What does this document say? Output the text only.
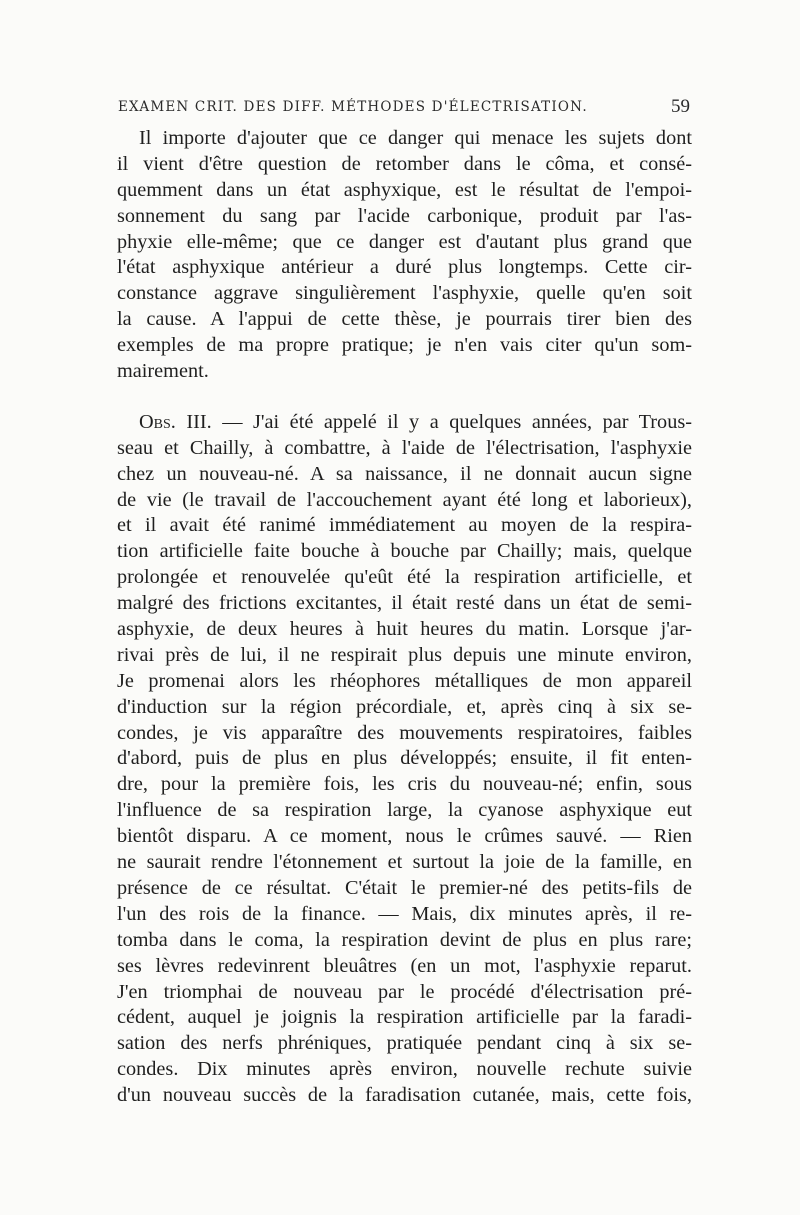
EXAMEN CRIT. DES DIFF. MÉTHODES D'ÉLECTRISATION.	59
Il importe d'ajouter que ce danger qui menace les sujets dont
il vient d'être question de retomber dans le côma, et consé-
quemment dans un état asphyxique, est le résultat de l'empoi-
sonnement du sang par l'acide carbonique, produit par l'as-
phyxie elle-même; que ce danger est d'autant plus grand que
l'état asphyxique antérieur a duré plus longtemps. Cette cir-
constance aggrave singulièrement l'asphyxie, quelle qu'en soit
la cause. A l'appui de cette thèse, je pourrais tirer bien des
exemples de ma propre pratique; je n'en vais citer qu'un som-
mairement.
Obs. III. — J'ai été appelé il y a quelques années, par Trous-
seau et Chailly, à combattre, à l'aide de l'électrisation, l'asphyxie
chez un nouveau-né. A sa naissance, il ne donnait aucun signe
de vie (le travail de l'accouchement ayant été long et laborieux),
et il avait été ranimé immédiatement au moyen de la respira-
tion artificielle faite bouche à bouche par Chailly; mais, quelque
prolongée et renouvelée qu'eût été la respiration artificielle, et
malgré des frictions excitantes, il était resté dans un état de semi-
asphyxie, de deux heures à huit heures du matin. Lorsque j'ar-
rivai près de lui, il ne respirait plus depuis une minute environ,
Je promenai alors les rhéophores métalliques de mon appareil
d'induction sur la région précordiale, et, après cinq à six se-
condes, je vis apparaître des mouvements respiratoires, faibles
d'abord, puis de plus en plus développés; ensuite, il fit enten-
dre, pour la première fois, les cris du nouveau-né; enfin, sous
l'influence de sa respiration large, la cyanose asphyxique eut
bientôt disparu. A ce moment, nous le crûmes sauvé. — Rien
ne saurait rendre l'étonnement et surtout la joie de la famille, en
présence de ce résultat. C'était le premier-né des petits-fils de
l'un des rois de la finance. — Mais, dix minutes après, il re-
tomba dans le coma, la respiration devint de plus en plus rare;
ses lèvres redevinrent bleuâtres (en un mot, l'asphyxie reparut.
J'en triomphai de nouveau par le procédé d'électrisation pré-
cédent, auquel je joignis la respiration artificielle par la faradi-
sation des nerfs phréniques, pratiquée pendant cinq à six se-
condes. Dix minutes après environ, nouvelle rechute suivie
d'un nouveau succès de la faradisation cutanée, mais, cette fois,
